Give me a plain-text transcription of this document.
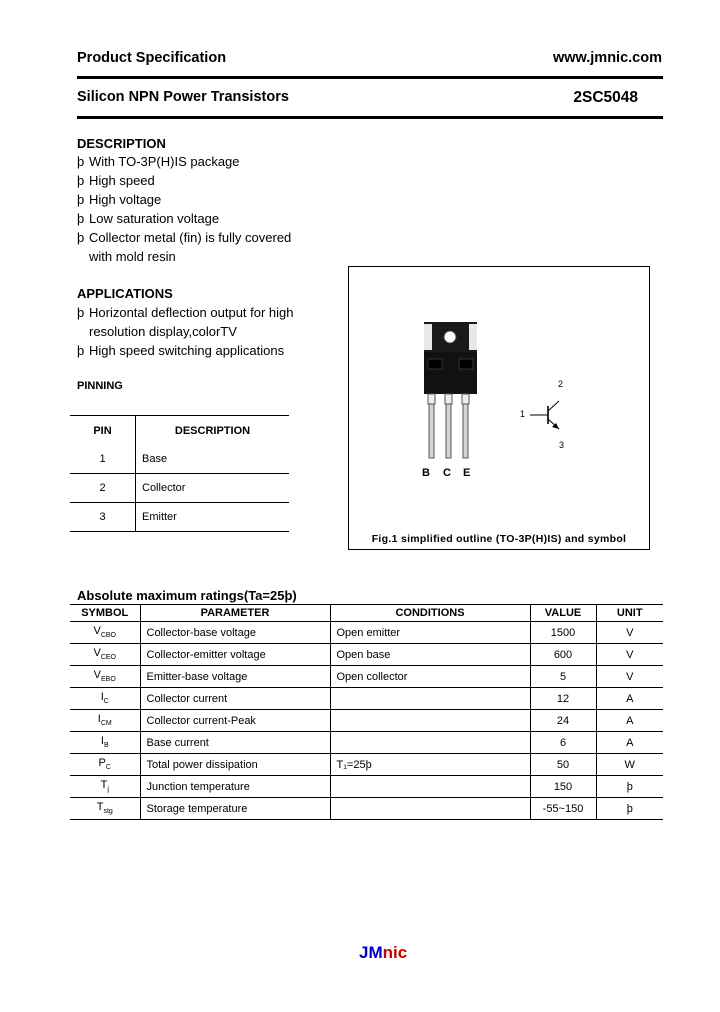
Product Specification	www.jmnic.com
Silicon NPN Power Transistors	2SC5048
DESCRIPTION
þ With TO-3P(H)IS package
þ High speed
þ High voltage
þ Low saturation voltage
þ Collector metal (fin) is fully covered
with mold resin
APPLICATIONS
þ Horizontal deflection output for high
resolution display,colorTV
þ High speed switching applications
PINNING
PIN	DESCRIPTION
1	Base
2	Collector
3	Emitter
B C E
2
1
3
Fig.1 simplified outline (TO-3P(H)IS) and symbol
Absolute maximum ratings(Ta=25þ)
SYMBOL	PARAMETER	CONDITIONS	VALUE	UNIT
$V_{CBO}$	Collector-base voltage	Open emitter	1500	V
$V_{CEO}$	Collector-emitter voltage	Open base	600	V
$V_{EBO}$	Emitter-base voltage	Open collector	5	V
$I_C$	Collector current		12	A
$I_{CM}$	Collector current-Peak		24	A
$I_B$	Base current		6	A
$P_C$	Total power dissipation	T₁=25þ	50	W
$T_j$	Junction temperature		150	þ
$T_{stg}$	Storage temperature		-55~150	þ
JMnic
